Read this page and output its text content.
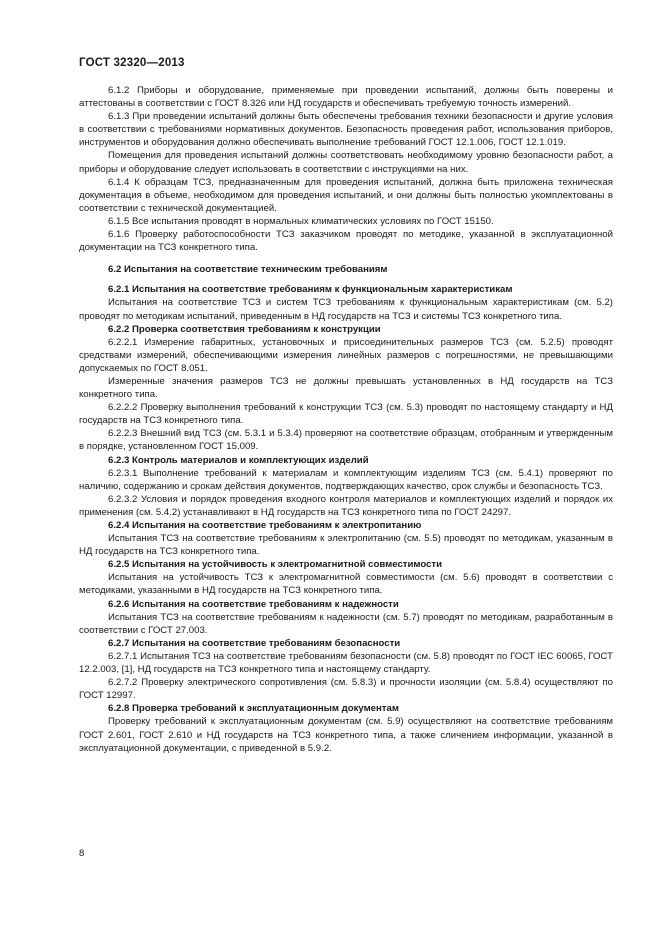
ГОСТ 32320—2013

6.1.2 Приборы и оборудование, применяемые при проведении испытаний, должны быть поверены и аттестованы в соответствии с ГОСТ 8.326 или НД государств и обеспечивать требуемую точность измерений.

6.1.3 При проведении испытаний должны быть обеспечены требования техники безопасности и другие условия в соответствии с требованиями нормативных документов. Безопасность проведения работ, использования приборов, инструментов и оборудования должно обеспечивать выполнение требований ГОСТ 12.1.006, ГОСТ 12.1.019.

Помещения для проведения испытаний должны соответствовать необходимому уровню безопасности работ, а приборы и оборудование следует использовать в соответствии с инструкциями на них.

6.1.4 К образцам ТСЗ, предназначенным для проведения испытаний, должна быть приложена техническая документация в объеме, необходимом для проведения испытаний, и они должны быть полностью укомплектованы в соответствии с технической документацией.

6.1.5 Все испытания проводят в нормальных климатических условиях по ГОСТ 15150.

6.1.6 Проверку работоспособности ТСЗ заказчиком проводят по методике, указанной в эксплуатационной документации на ТСЗ конкретного типа.

6.2 Испытания на соответствие техническим требованиям

6.2.1 Испытания на соответствие требованиям к функциональным характеристикам

Испытания на соответствие ТСЗ и систем ТСЗ требованиям к функциональным характеристикам (см. 5.2) проводят по методикам испытаний, приведенным в НД государств на ТСЗ и системы ТСЗ конкретного типа.

6.2.2 Проверка соответствия требованиям к конструкции

6.2.2.1 Измерение габаритных, установочных и присоединительных размеров ТСЗ (см. 5.2.5) проводят средствами измерений, обеспечивающими измерения линейных размеров с погрешностями, не превышающими допускаемых по ГОСТ 8.051.

Измеренные значения размеров ТСЗ не должны превышать установленных в НД государств на ТСЗ конкретного типа.

6.2.2.2 Проверку выполнения требований к конструкции ТСЗ (см. 5.3) проводят по настоящему стандарту и НД государств на ТСЗ конкретного типа.

6.2.2.3 Внешний вид ТСЗ (см. 5.3.1 и 5.3.4) проверяют на соответствие образцам, отобранным и утвержденным в порядке, установленном ГОСТ 15.009.

6.2.3 Контроль материалов и комплектующих изделий

6.2.3.1 Выполнение требований к материалам и комплектующим изделиям ТСЗ (см. 5.4.1) проверяют по наличию, содержанию и срокам действия документов, подтверждающих качество, срок службы и безопасность ТСЗ.

6.2.3.2 Условия и порядок проведения входного контроля материалов и комплектующих изделий и порядок их применения (см. 5.4.2) устанавливают в НД государств на ТСЗ конкретного типа по ГОСТ 24297.

6.2.4 Испытания на соответствие требованиям к электропитанию

Испытания ТСЗ на соответствие требованиям к электропитанию (см. 5.5) проводят по методикам, указанным в НД государств на ТСЗ конкретного типа.

6.2.5 Испытания на устойчивость к электромагнитной совместимости

Испытания на устойчивость ТСЗ к электромагнитной совместимости (см. 5.6) проводят в соответствии с методиками, указанными в НД государств на ТСЗ конкретного типа.

6.2.6 Испытания на соответствие требованиям к надежности

Испытания ТСЗ на соответствие требованиям к надежности (см. 5.7) проводят по методикам, разработанным в соответствии с ГОСТ 27.003.

6.2.7 Испытания на соответствие требованиям безопасности

6.2.7.1 Испытания ТСЗ на соответствие требованиям безопасности (см. 5.8) проводят по ГОСТ IEC 60065, ГОСТ 12.2.003, [1], НД государств на ТСЗ конкретного типа и настоящему стандарту.

6.2.7.2 Проверку электрического сопротивления (см. 5.8.3) и прочности изоляции (см. 5.8.4) осуществляют по ГОСТ 12997.

6.2.8 Проверка требований к эксплуатационным документам

Проверку требований к эксплуатационным документам (см. 5.9) осуществляют на соответствие требованиям ГОСТ 2.601, ГОСТ 2.610 и НД государств на ТСЗ конкретного типа, а также сличением информации, указанной в эксплуатационной документации, с приведенной в 5.9.2.

8
